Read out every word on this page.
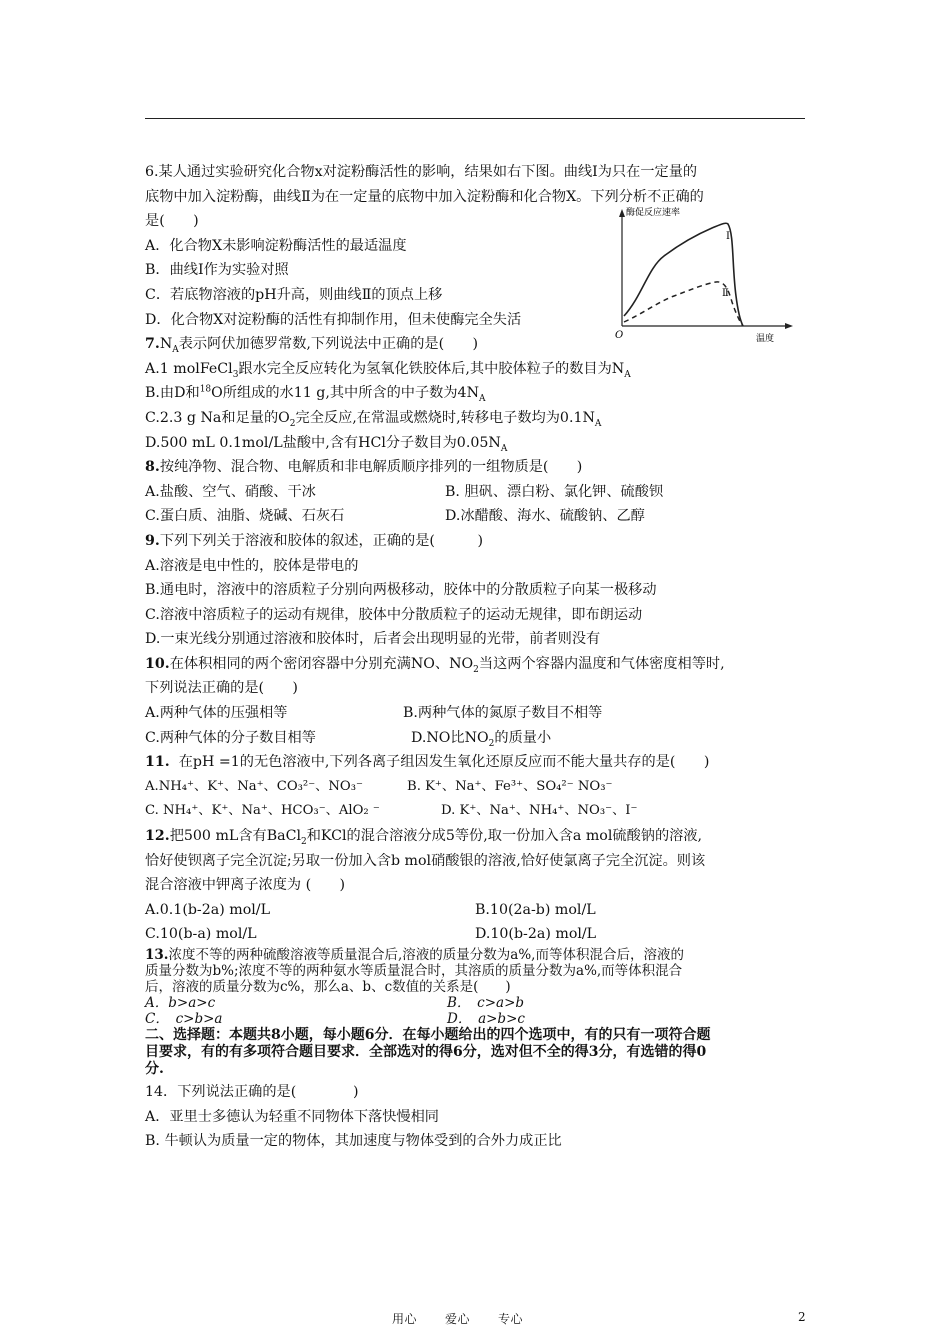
6.某人通过实验研究化合物x对淀粉酶活性的影响，结果如右下图。曲线Ⅰ为只在一定量的
底物中加入淀粉酶，曲线Ⅱ为在一定量的底物中加入淀粉酶和化合物X。下列分析不正确的
是(　　)
A．化合物X未影响淀粉酶活性的最适温度
B．曲线Ⅰ作为实验对照
C．若底物溶液的pH升高，则曲线Ⅱ的顶点上移
D．化合物X对淀粉酶的活性有抑制作用，但未使酶完全失活
$7.N_A$表示阿伏加德罗常数,下列说法中正确的是(　　)
A.1 molFeCl$_3$跟水完全反应转化为氢氧化铁胶体后,其中胶体粒子的数目为$N_A$
B.由D和$^{18}$O所组成的水11 g,其中所含的中子数为$4N_A$
C.2.3 g Na和足量的$O_2$完全反应,在常温或燃烧时,转移电子数均为$0.1N_A$
D.500 mL 0.1mol/L盐酸中,含有HCl分子数目为$0.05N_A$
8.按纯净物、混合物、电解质和非电解质顺序排列的一组物质是(　　)
A.盐酸、空气、硝酸、干冰	B. 胆矾、漂白粉、氯化钾、硫酸钡
C.蛋白质、油脂、烧碱、石灰石	D.冰醋酸、海水、硫酸钠、乙醇
9.下列下列关于溶液和胶体的叙述，正确的是(　　　)
A.溶液是电中性的，胶体是带电的
B.通电时，溶液中的溶质粒子分别向两极移动，胶体中的分散质粒子向某一极移动
C.溶液中溶质粒子的运动有规律，胶体中分散质粒子的运动无规律，即布朗运动
D.一束光线分别通过溶液和胶体时，后者会出现明显的光带，前者则没有
10.在体积相同的两个密闭容器中分别充满NO、$NO_2$当这两个容器内温度和气体密度相等时,
下列说法正确的是(　　)
A.两种气体的压强相等	B.两种气体的氮原子数目不相等
C.两种气体的分子数目相等	D.NO比$NO_2$的质量小
11. 在pH =1的无色溶液中,下列各离子组因发生氧化还原反应而不能大量共存的是(　　)
A.NH₄⁺、K⁺、Na⁺、CO₃²⁻、NO₃⁻	B. K⁺、Na⁺、Fe³⁺、SO₄²⁻ NO₃⁻
C. NH₄⁺、K⁺、Na⁺、HCO₃⁻、AlO₂ ⁻	D. K⁺、Na⁺、NH₄⁺、NO₃⁻、I⁻
12.把500 mL含有BaCl$_2$和KCl的混合溶液分成5等份,取一份加入含a mol硫酸钠的溶液,
恰好使钡离子完全沉淀;另取一份加入含b mol硝酸银的溶液,恰好使氯离子完全沉淀。则该
混合溶液中钾离子浓度为 (　　)
A.0.1(b-2a) mol/L	B.10(2a-b) mol/L
C.10(b-a) mol/L	D.10(b-2a) mol/L
13.浓度不等的两种硫酸溶液等质量混合后,溶液的质量分数为a%,而等体积混合后，溶液的
质量分数为b%;浓度不等的两种氨水等质量混合时，其溶质的质量分数为a%,而等体积混合
后，溶液的质量分数为c%，那么a、b、c数值的关系是(　　)
A．b>a>c	B．　c>a>b
C．　c>b>a	D．　a>b>c
二、选择题：本题共8小题，每小题6分．在每小题给出的四个选项中，有的只有一项符合题
目要求，有的有多项符合题目要求．全部选对的得6分，选对但不全的得3分，有选错的得0
分.
14．下列说法正确的是(　　　　)
A．亚里士多德认为轻重不同物体下落快慢相同
B. 牛顿认为质量一定的物体，其加速度与物体受到的合外力成正比
O
酶促反应速率
温度
Ⅰ
Ⅱ
用心 爱心 专心	2
